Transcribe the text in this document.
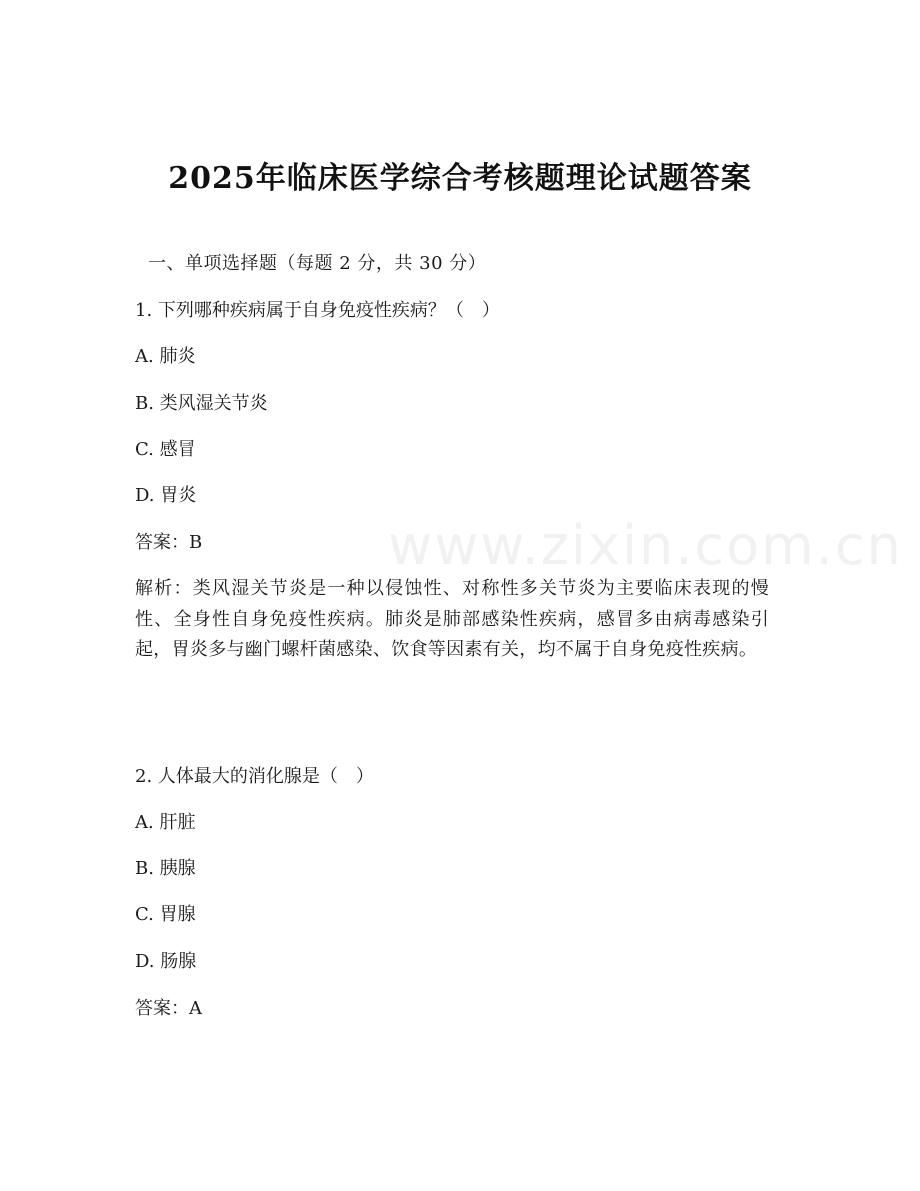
www.zixin.com.cn
2025年临床医学综合考核题理论试题答案

一、单项选择题（每题 2 分，共 30 分）

1. 下列哪种疾病属于自身免疫性疾病？（　）

A. 肺炎

B. 类风湿关节炎

C. 感冒

D. 胃炎

答案：B

解析：类风湿关节炎是一种以侵蚀性、对称性多关节炎为主要临床表现的慢性、全身性自身免疫性疾病。肺炎是肺部感染性疾病，感冒多由病毒感染引起，胃炎多与幽门螺杆菌感染、饮食等因素有关，均不属于自身免疫性疾病。

2. 人体最大的消化腺是（　）

A. 肝脏

B. 胰腺

C. 胃腺

D. 肠腺

答案：A
